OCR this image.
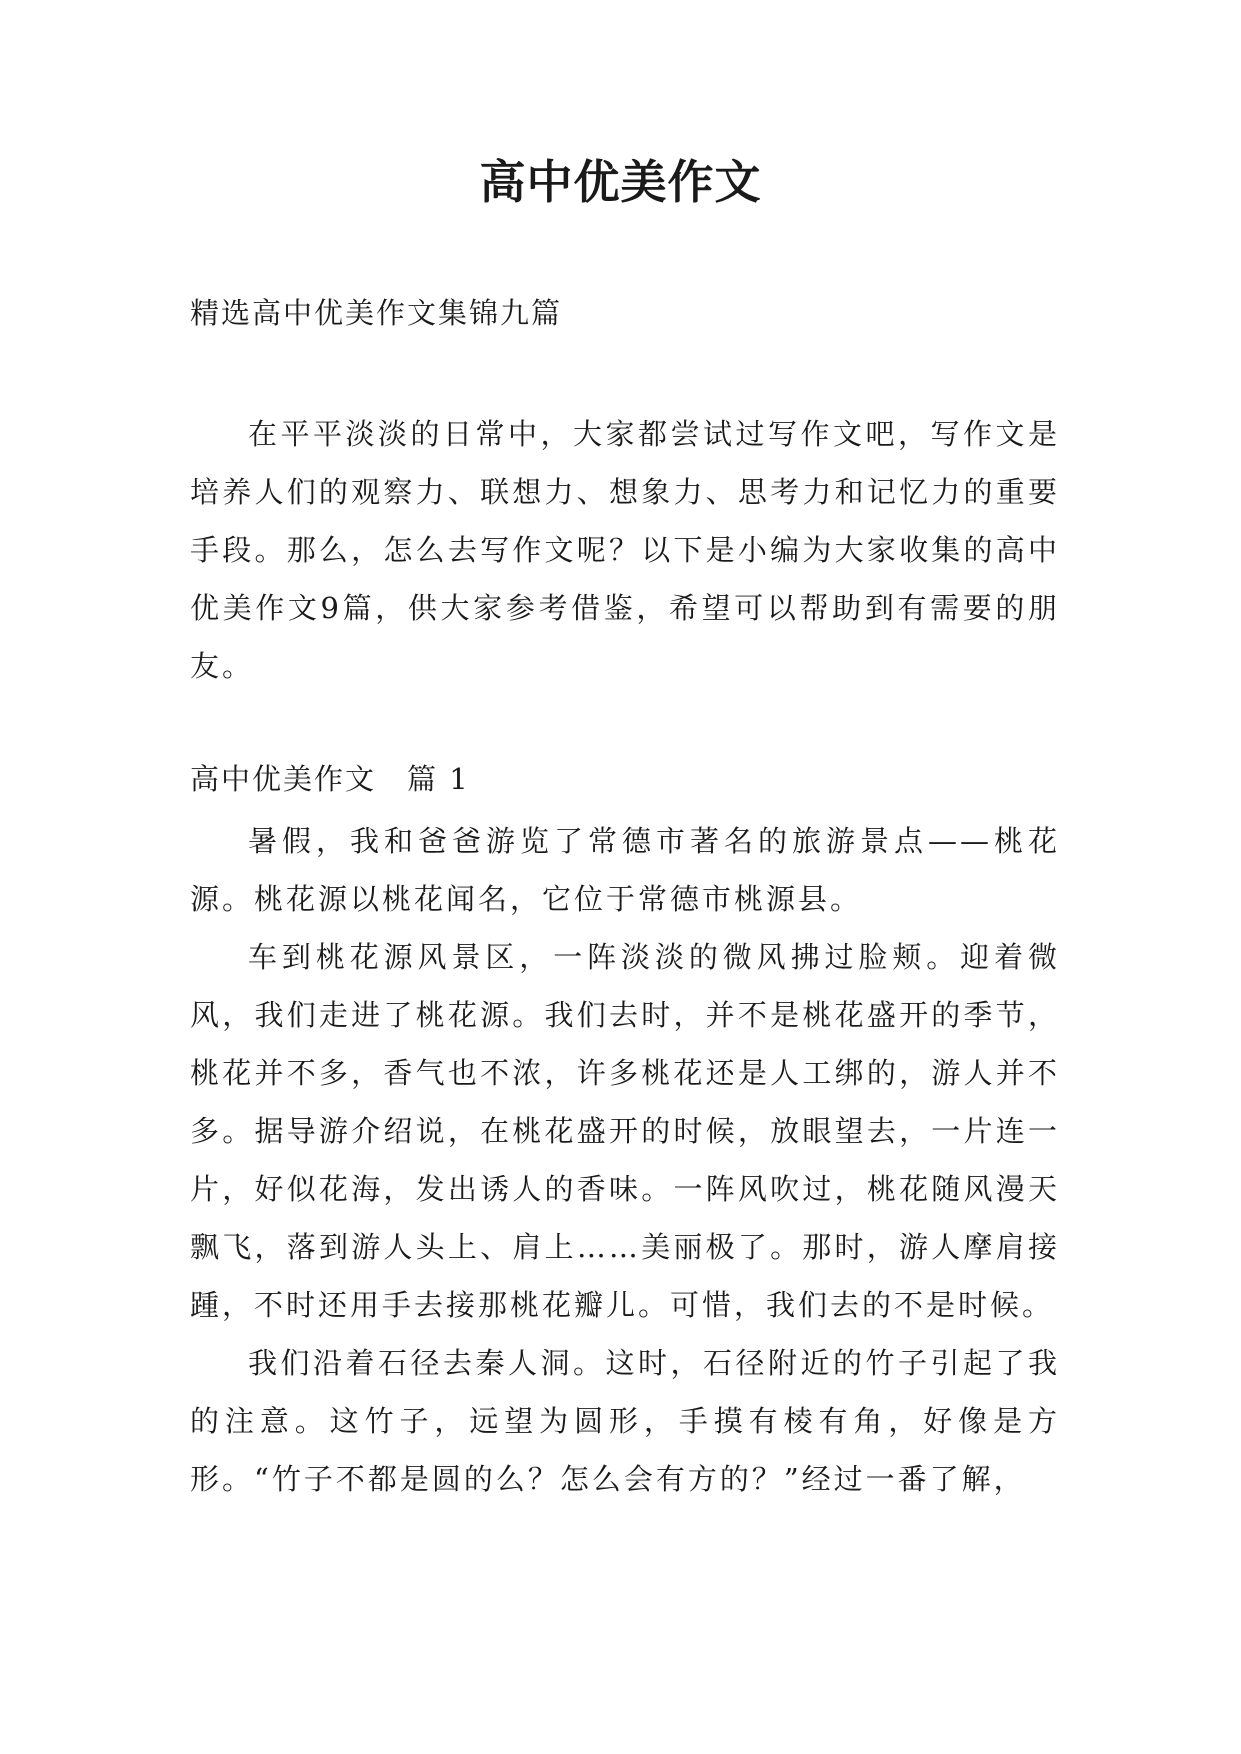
高中优美作文
精选高中优美作文集锦九篇

在平平淡淡的日常中，大家都尝试过写作文吧，写作文是培养人们的观察力、联想力、想象力、思考力和记忆力的重要手段。那么，怎么去写作文呢？以下是小编为大家收集的高中优美作文9篇，供大家参考借鉴，希望可以帮助到有需要的朋友。

高中优美作文　篇 1

暑假，我和爸爸游览了常德市著名的旅游景点——桃花源。桃花源以桃花闻名，它位于常德市桃源县。

车到桃花源风景区，一阵淡淡的微风拂过脸颊。迎着微风，我们走进了桃花源。我们去时，并不是桃花盛开的季节，桃花并不多，香气也不浓，许多桃花还是人工绑的，游人并不多。据导游介绍说，在桃花盛开的时候，放眼望去，一片连一片，好似花海，发出诱人的香味。一阵风吹过，桃花随风漫天飘飞，落到游人头上、肩上……美丽极了。那时，游人摩肩接踵，不时还用手去接那桃花瓣儿。可惜，我们去的不是时候。

我们沿着石径去秦人洞。这时，石径附近的竹子引起了我的注意。这竹子，远望为圆形，手摸有棱有角，好像是方形。“竹子不都是圆的么？怎么会有方的？”经过一番了解，
